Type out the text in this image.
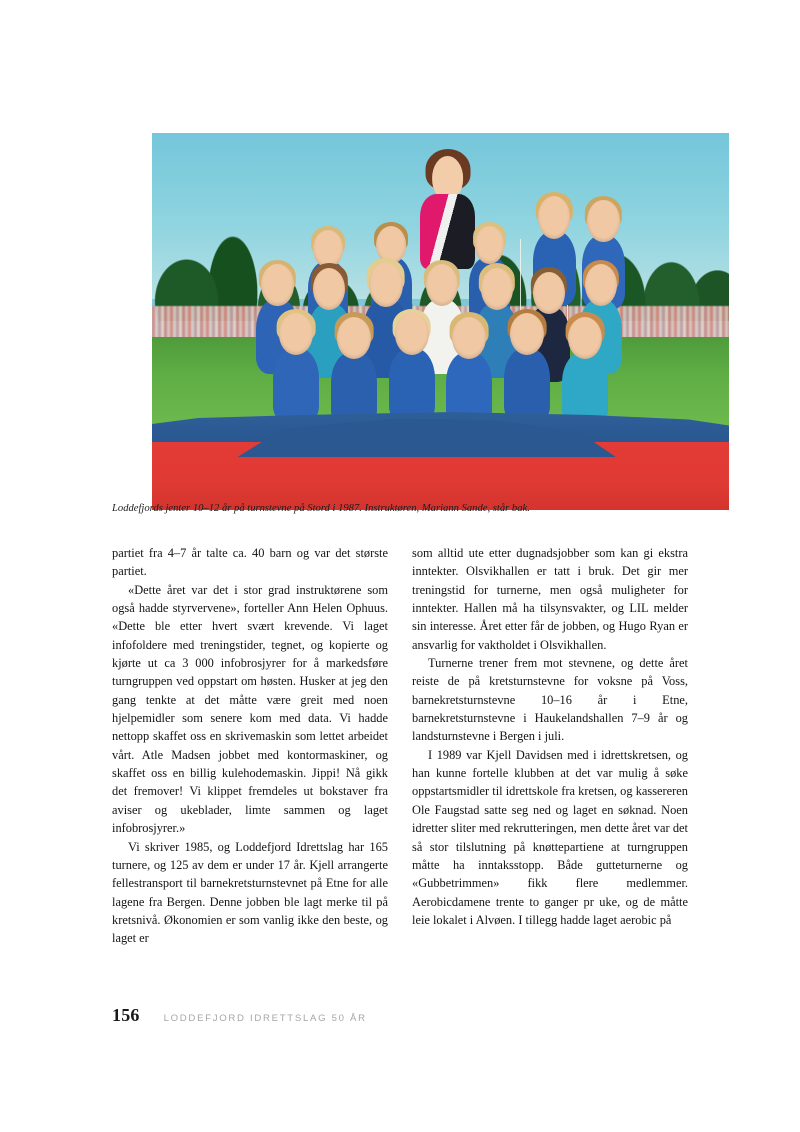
Loddefjords jenter 10–12 år på turnstevne på Stord i 1987. Instruktøren, Mariann Sande, står bak.

partiet fra 4–7 år talte ca. 40 barn og var det største partiet.

«Dette året var det i stor grad instruktørene som også hadde styrvervene», forteller Ann Helen Ophuus. «Dette ble etter hvert svært krevende. Vi laget infofoldere med treningstider, tegnet, og kopierte og kjørte ut ca 3 000 infobrosjyrer for å markedsføre turngruppen ved oppstart om høsten. Husker at jeg den gang tenkte at det måtte være greit med noen hjelpemidler som senere kom med data. Vi hadde nettopp skaffet oss en skrivemaskin som lettet arbeidet vårt. Atle Madsen jobbet med kontormaskiner, og skaffet oss en billig kulehodemaskin. Jippi! Nå gikk det fremover! Vi klippet fremdeles ut bokstaver fra aviser og ukeblader, limte sammen og laget infobrosjyrer.»

Vi skriver 1985, og Loddefjord Idrettslag har 165 turnere, og 125 av dem er under 17 år. Kjell arrangerte fellestransport til barnekretsturnstevnet på Etne for alle lagene fra Bergen. Denne jobben ble lagt merke til på kretsnivå. Økonomien er som vanlig ikke den beste, og laget er

som alltid ute etter dugnadsjobber som kan gi ekstra inntekter. Olsvikhallen er tatt i bruk. Det gir mer treningstid for turnerne, men også muligheter for inntekter. Hallen må ha tilsynsvakter, og LIL melder sin interesse. Året etter får de jobben, og Hugo Ryan er ansvarlig for vaktholdet i Olsvikhallen.

Turnerne trener frem mot stevnene, og dette året reiste de på kretsturnstevne for voksne på Voss, barnekretsturnstevne 10–16 år i Etne, barnekretsturnstevne i Haukelandshallen 7–9 år og landsturnstevne i Bergen i juli.

I 1989 var Kjell Davidsen med i idrettskretsen, og han kunne fortelle klubben at det var mulig å søke oppstartsmidler til idrettskole fra kretsen, og kassereren Ole Faugstad satte seg ned og laget en søknad. Noen idretter sliter med rekrutteringen, men dette året var det så stor tilslutning på knøttepartiene at turngruppen måtte ha inntaksstopp. Både gutteturnerne og «Gubbetrimmen» fikk flere medlemmer. Aerobicdamene trente to ganger pr uke, og de måtte leie lokalet i Alvøen. I tillegg hadde laget aerobic på

156	LODDEFJORD IDRETTSLAG 50 ÅR
